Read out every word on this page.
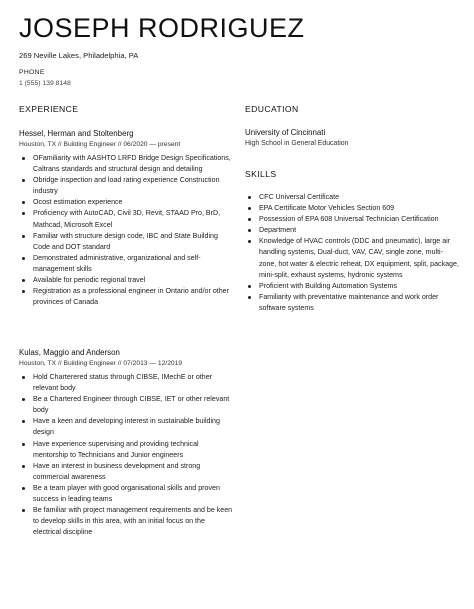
JOSEPH RODRIGUEZ
269 Neville Lakes, Philadelphia, PA
PHONE
1 (555) 139 8148
EXPERIENCE
Hessel, Herman and Stoltenberg
Houston, TX // Building Engineer // 06/2020 — present
OFamiliarity with AASHTO LRFD Bridge Design Specifications, Caltrans standards and structural design and detailing
Obridge inspection and load rating experience Construction industry
Ocost estimation experience
Proficiency with AutoCAD, Civil 3D, Revit, STAAD Pro, BrD, Mathcad, Microsoft Excel
Familiar with structure design code, IBC and State Building Code and DOT standard
Demonstrated administrative, organizational and self-management skills
Available for periodic regional travel
Registration as a professional engineer in Ontario and/or other provinces of Canada
Kulas, Maggio and Anderson
Houston, TX // Building Engineer // 07/2013 — 12/2019
Hold Charterered status through CIBSE, IMechE or other relevant body
Be a Chartered Engineer through CIBSE, IET or other relevant body
Have a keen and developing interest in sustainable building design
Have experience supervising and providing technical mentorship to Technicians and Junior engineers
Have an interest in business development and strong commercial awareness
Be a team player with good organisational skills and proven success in leading teams
Be familiar with project management requirements and be keen to develop skills in this area, with an initial focus on the electrical discipline
EDUCATION
University of Cincinnati
High School in General Education
SKILLS
CFC Universal Certificate
EPA Certificate Motor Vehicles Section 609
Possession of EPA 608 Universal Technician Certification
Department
Knowledge of HVAC controls (DDC and pneumatic), large air handling systems, Dual-duct, VAV, CAV, single zone, multi-zone, hot water & electric reheat, DX equipment, split, package, mini-split, exhaust systems, hydronic systems
Proficient with Building Automation Systems
Familiarity with preventative maintenance and work order software systems
